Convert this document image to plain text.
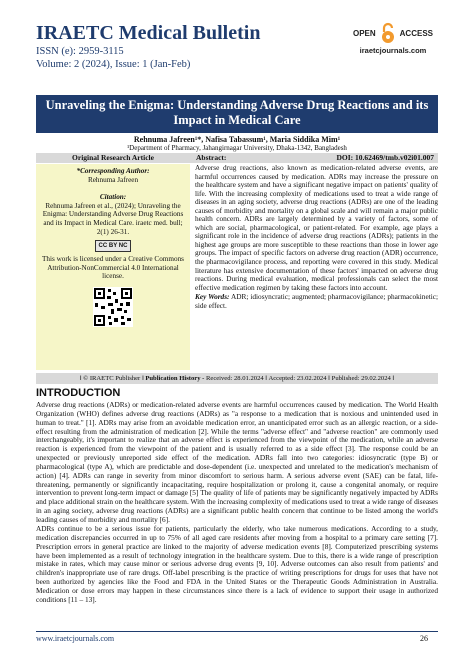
IRAETC Medical Bulletin
ISSN (e): 2959-3115
Volume: 2 (2024), Issue: 1 (Jan-Feb)
OPEN	ACCESS
iraetcjournals.com
Unraveling the Enigma: Understanding Adverse Drug Reactions and its Impact in Medical Care
Rehnuma Jafreen¹*, Nafisa Tabassum¹, Maria Siddika Mim¹
¹Department of Pharmacy, Jahangirnagar University, Dhaka-1342, Bangladesh
Original Research Article	Abstract:	DOI: 10.62469/tmb.v02i01.007
*Corresponding Author:
Rehnuma Jafreen
Citation:
Rehnuma Jafreen et al., (2024); Unraveling the Enigma: Understanding Adverse Drug Reactions and its Impact in Medical Care. iraetc med. bull; 2(1) 26-31.
CC BY NC
This work is licensed under a Creative Commons Attribution-NonCommercial 4.0 International license.
Adverse drug reactions, also known as medication-related adverse events, are harmful occurrences caused by medication. ADRs may increase the pressure on the healthcare system and have a significant negative impact on patients' quality of life. With the increasing complexity of medications used to treat a wide range of diseases in an aging society, adverse drug reactions (ADRs) are one of the leading causes of morbidity and mortality on a global scale and will remain a major public health concern. ADRs are largely determined by a variety of factors, some of which are social, pharmacological, or patient-related. For example, age plays a significant role in the incidence of adverse drug reactions (ADRs); patients in the highest age groups are more susceptible to these reactions than those in lower age groups. The impact of specific factors on adverse drug reaction (ADR) occurrence, the pharmacovigilance process, and reporting were covered in this study. Medical literature has extensive documentation of these factors' impacted on adverse drug reactions. During medical evaluation, medical professionals can select the most effective medication regimen by taking these factors into account.
Key Words: ADR; idiosyncratic; augmented; pharmacovigilance; pharmacokinetic; side effect.
‖ © IRAETC Publisher ‖ Publication History - Received: 28.01.2024 ‖ Accepted: 23.02.2024 ‖ Published: 29.02.2024 ‖
INTRODUCTION
Adverse drug reactions (ADRs) or medication-related adverse events are harmful occurrences caused by medication. The World Health Organization (WHO) defines adverse drug reactions (ADRs) as "a response to a medication that is noxious and unintended used in human to treat." [1]. ADRs may arise from an avoidable medication error, an unanticipated error such as an allergic reaction, or a side-effect resulting from the administration of medication [2]. While the terms "adverse effect" and "adverse reaction" are commonly used interchangeably, it's important to realize that an adverse effect is experienced from the viewpoint of the medication, while an adverse reaction is experienced from the viewpoint of the patient and is usually referred to as a side effect [3]. The response could be an unexpected or previously unreported side effect of the medication. ADRs fall into two categories: idiosyncratic (type B) or pharmacological (type A), which are predictable and dose-dependent (i.e. unexpected and unrelated to the medication's mechanism of action) [4]. ADRs can range in severity from minor discomfort to serious harm. A serious adverse event (SAE) can be fatal, life-threatening, permanently or significantly incapacitating, require hospitalization or prolong it, cause a congenital anomaly, or require intervention to prevent long-term impact or damage [5] The quality of life of patients may be significantly negatively impacted by ADRs and place additional strain on the healthcare system. With the increasing complexity of medications used to treat a wide range of diseases in an aging society, adverse drug reactions (ADRs) are a significant public health concern that continue to be listed among the world's leading causes of morbidity and mortality [6].
ADRs continue to be a serious issue for patients, particularly the elderly, who take numerous medications. According to a study, medication discrepancies occurred in up to 75% of all aged care residents after moving from a hospital to a primary care setting [7]. Prescription errors in general practice are linked to the majority of adverse medication events [8]. Computerized prescribing systems have been implemented as a result of technology integration in the healthcare system. Due to this, there is a wide range of prescription mistake in rates, which may cause minor or serious adverse drug events [9, 10]. Adverse outcomes can also result from patients' and children's inappropriate use of rare drugs. Off-label prescribing is the practice of writing prescriptions for drugs for uses that have not been authorized by agencies like the Food and FDA in the United States or the Therapeutic Goods Administration in Australia. Medication or dose errors may happen in these circumstances since there is a lack of evidence to support their usage in authorized conditions [11 – 13].
www.iraetcjournals.com	26
